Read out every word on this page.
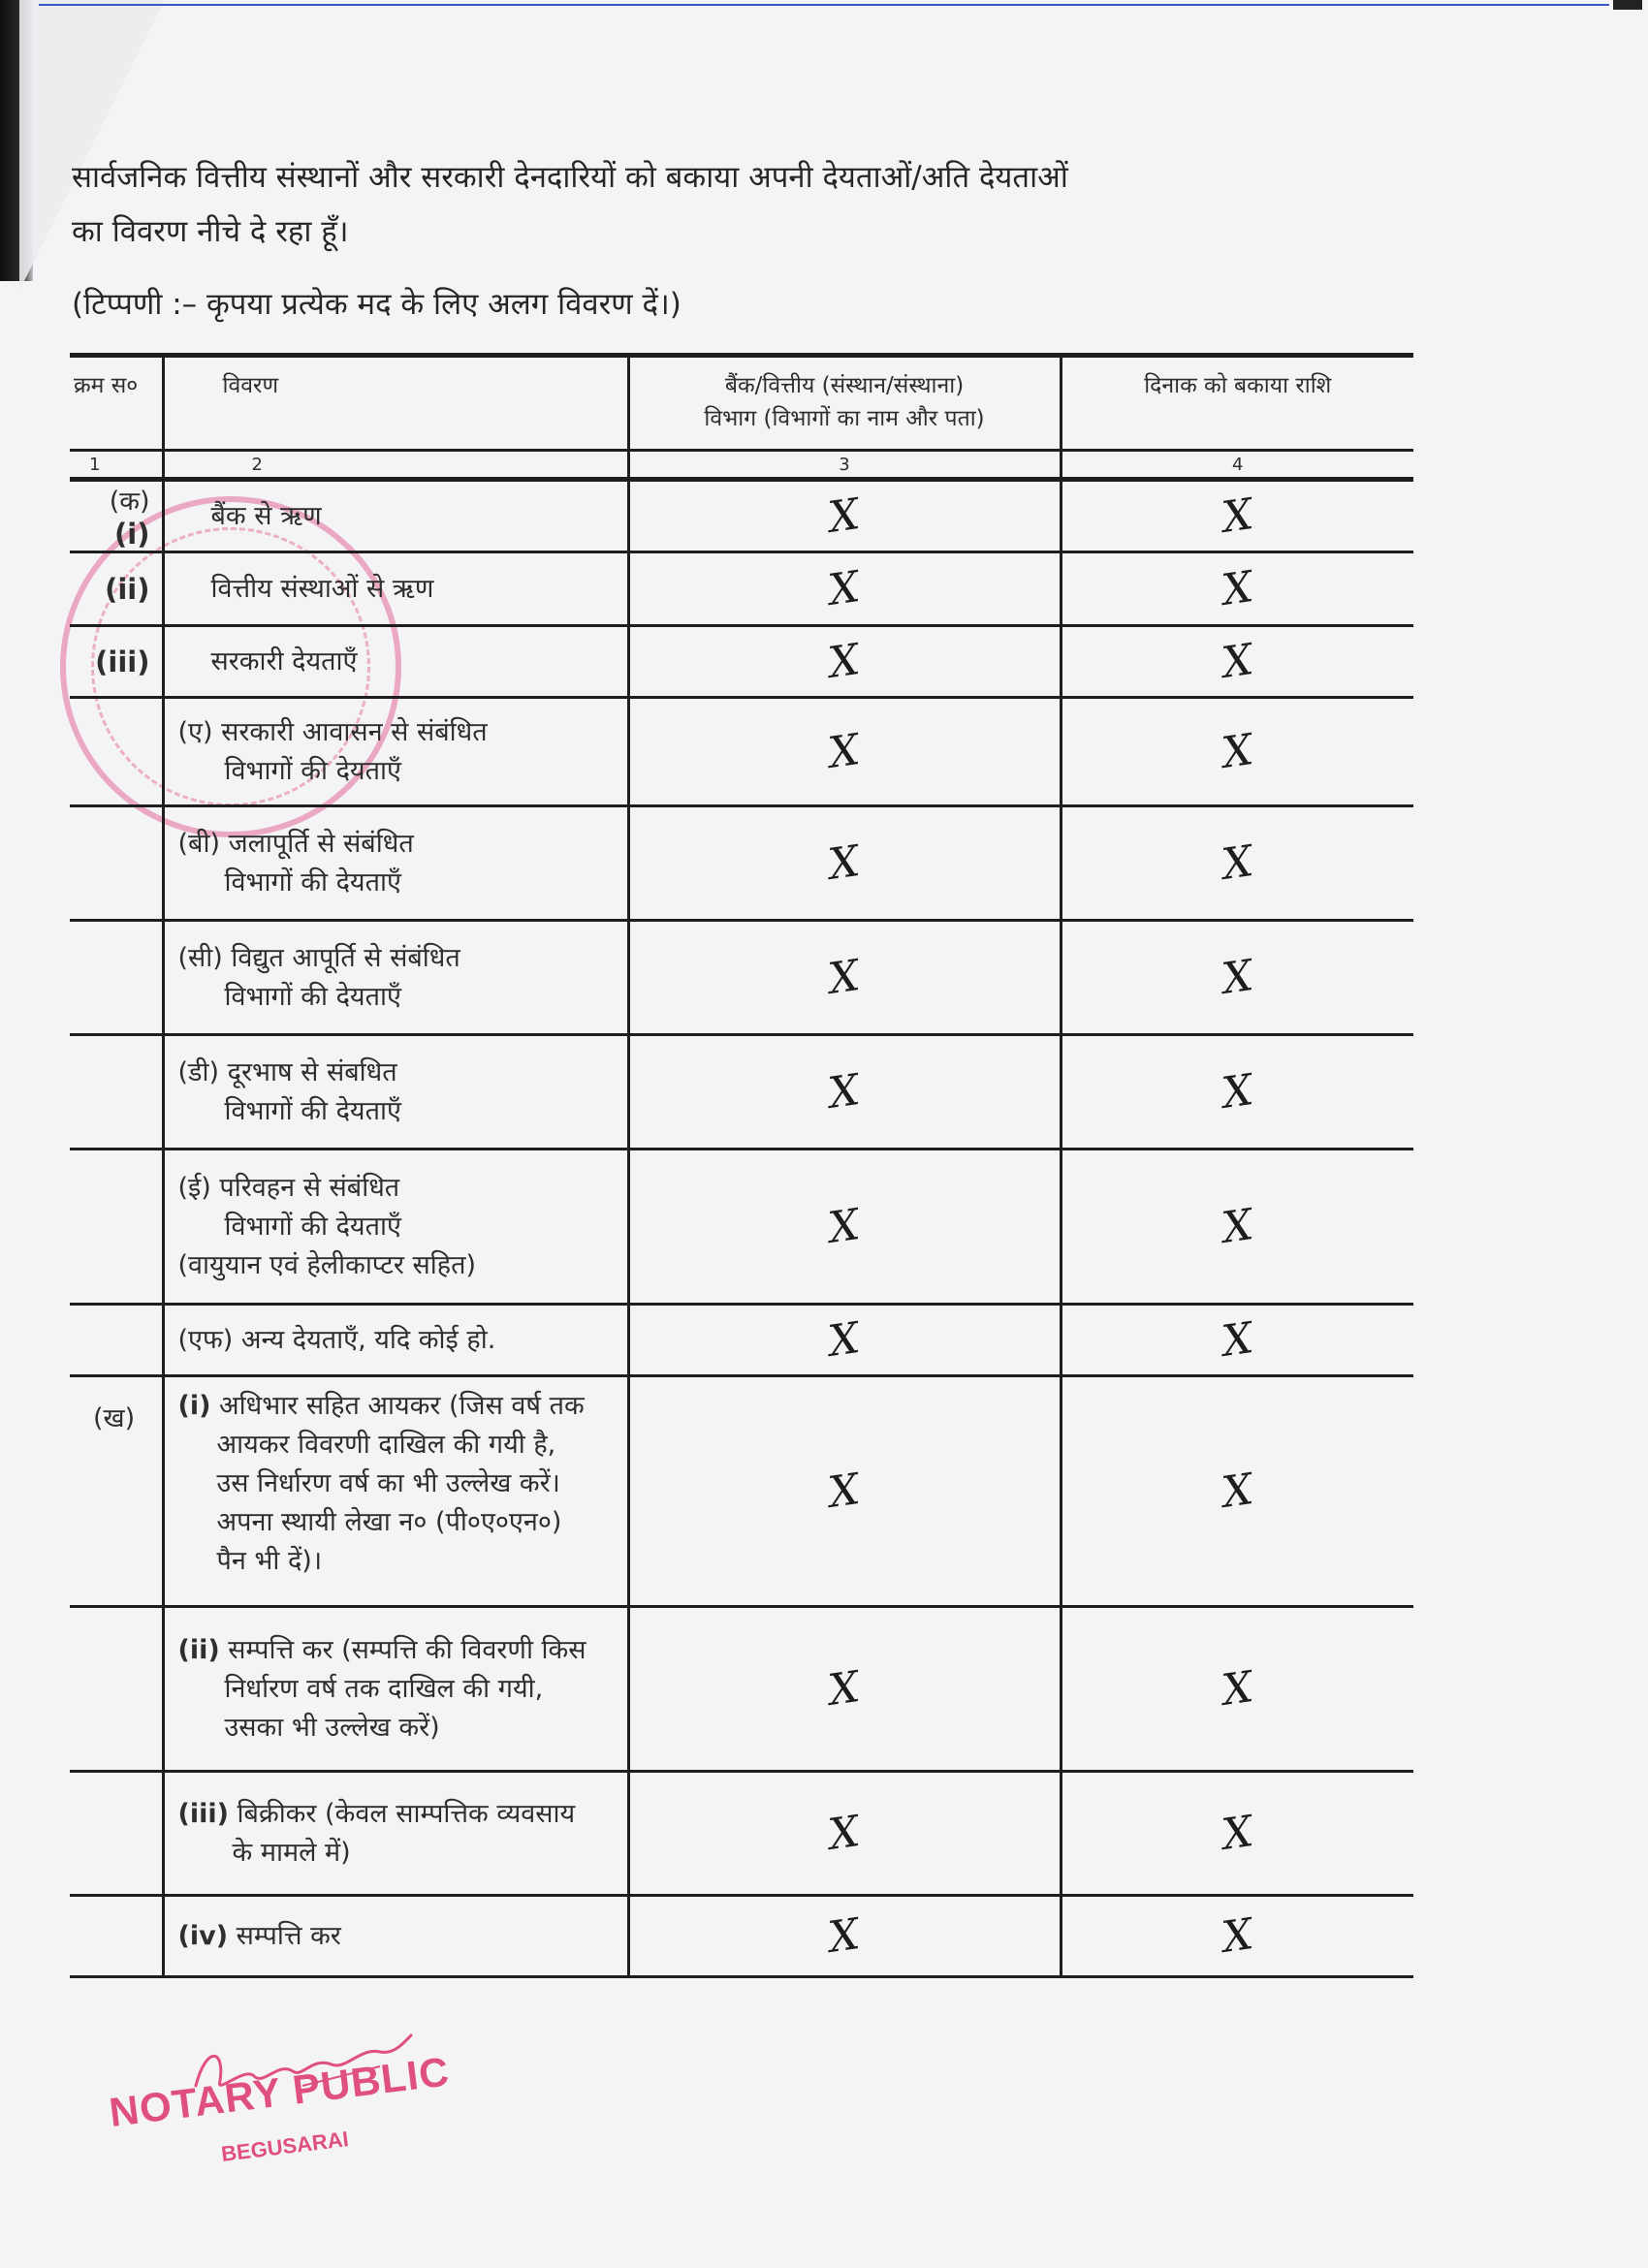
सार्वजनिक वित्तीय संस्थानों और सरकारी देनदारियों को बकाया अपनी देयताओं/अति देयताओं
का विवरण नीचे दे रहा हूँ।
(टिप्पणी :– कृपया प्रत्येक मद के लिए अलग विवरण दें।)
क्रम स०	विवरण	बैंक/वित्तीय (संस्थान/संस्थाना)
विभाग (विभागों का नाम और पता)	दिनाक को बकाया राशि
1	2	3	4
(क) (i)	बैंक से ऋण	X	X
(ii)	वित्तीय संस्थाओं से ऋण	X	X
(iii)	सरकारी देयताएँ	X	X
	(ए) सरकारी आवासन से संबंधित
विभागों की देयताएँ	X	X
	(बी) जलापूर्ति से संबंधित
विभागों की देयताएँ	X	X
	(सी) विद्युत आपूर्ति से संबंधित
विभागों की देयताएँ	X	X
	(डी) दूरभाष से संबधित
विभागों की देयताएँ	X	X
	(ई) परिवहन से संबंधित
विभागों की देयताएँ
(वायुयान एवं हेलीकाप्टर सहित)	X	X
	(एफ) अन्य देयताएँ, यदि कोई हो.	X	X
(ख)	(i) अधिभार सहित आयकर (जिस वर्ष तक
आयकर विवरणी दाखिल की गयी है,
उस निर्धारण वर्ष का भी उल्लेख करें।
अपना स्थायी लेखा न० (पी०ए०एन०)
पैन भी दें)।	X	X
	(ii) सम्पत्ति कर (सम्पत्ति की विवरणी किस
निर्धारण वर्ष तक दाखिल की गयी,
उसका भी उल्लेख करें)	X	X
	(iii) बिक्रीकर (केवल साम्पत्तिक व्यवसाय
के मामले में)	X	X
	(iv) सम्पत्ति कर	X	X
NOTARY PUBLIC
BEGUSARAI
